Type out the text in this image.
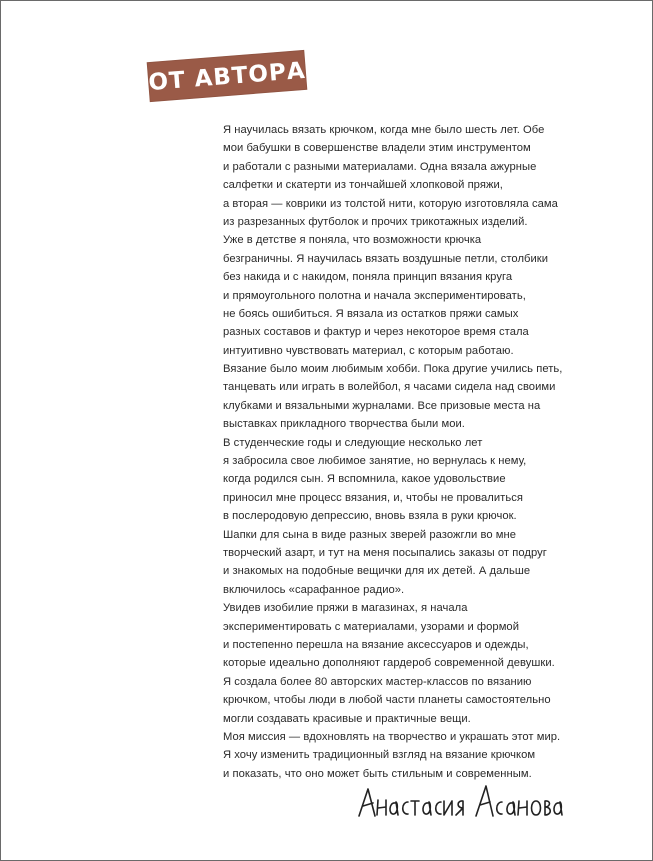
ОТ АВТОРА
Я научилась вязать крючком, когда мне было шесть лет. Обе
мои бабушки в совершенстве владели этим инструментом
и работали с разными материалами. Одна вязала ажурные
салфетки и скатерти из тончайшей хлопковой пряжи,
а вторая — коврики из толстой нити, которую изготовляла сама
из разрезанных футболок и прочих трикотажных изделий.
Уже в детстве я поняла, что возможности крючка
безграничны. Я научилась вязать воздушные петли, столбики
без накида и с накидом, поняла принцип вязания круга
и прямоугольного полотна и начала экспериментировать,
не боясь ошибиться. Я вязала из остатков пряжи самых
разных составов и фактур и через некоторое время стала
интуитивно чувствовать материал, с которым работаю.
Вязание было моим любимым хобби. Пока другие учились петь,
танцевать или играть в волейбол, я часами сидела над своими
клубками и вязальными журналами. Все призовые места на
выставках прикладного творчества были мои.
В студенческие годы и следующие несколько лет
я забросила свое любимое занятие, но вернулась к нему,
когда родился сын. Я вспомнила, какое удовольствие
приносил мне процесс вязания, и, чтобы не провалиться
в послеродовую депрессию, вновь взяла в руки крючок.
Шапки для сына в виде разных зверей разожгли во мне
творческий азарт, и тут на меня посыпались заказы от подруг
и знакомых на подобные вещички для их детей. А дальше
включилось «сарафанное радио».
Увидев изобилие пряжи в магазинах, я начала
экспериментировать с материалами, узорами и формой
и постепенно перешла на вязание аксессуаров и одежды,
которые идеально дополняют гардероб современной девушки.
Я создала более 80 авторских мастер-классов по вязанию
крючком, чтобы люди в любой части планеты самостоятельно
могли создавать красивые и практичные вещи.
Моя миссия — вдохновлять на творчество и украшать этот мир.
Я хочу изменить традиционный взгляд на вязание крючком
и показать, что оно может быть стильным и современным.
